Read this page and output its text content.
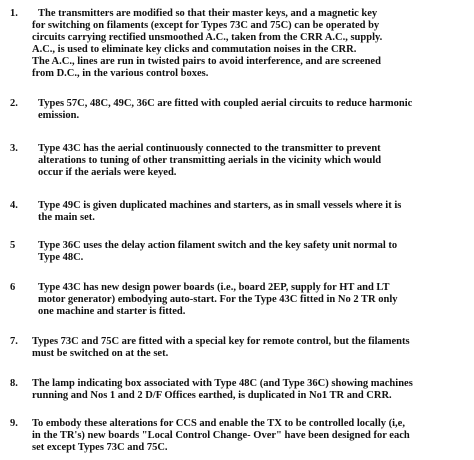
1. The transmitters are modified so that their master keys, and a magnetic key
for switching on filaments (except for Types 73C and 75C) can be operated by
circuits carrying rectified unsmoothed A.C., taken from the CRR A.C., supply.
A.C., is used to eliminate key clicks and commutation noises in the CRR.
The A.C., lines are run in twisted pairs to avoid interference, and are screened
from D.C., in the various control boxes.
2. Types 57C, 48C, 49C, 36C are fitted with coupled aerial circuits to reduce harmonic
emission.
3. Type 43C has the aerial continuously connected to the transmitter to prevent
alterations to tuning of other transmitting aerials in the vicinity which would
occur if the aerials were keyed.
4. Type 49C is given duplicated machines and starters, as in small vessels where it is
the main set.
5 Type 36C uses the delay action filament switch and the key safety unit normal to
Type 48C.
6 Type 43C has new design power boards (i.e., board 2EP, supply for HT and LT
motor generator) embodying auto-start. For the Type 43C fitted in No 2 TR only
one machine and starter is fitted.
7. Types 73C and 75C are fitted with a special key for remote control, but the filaments
must be switched on at the set.
8. The lamp indicating box associated with Type 48C (and Type 36C) showing machines
running and Nos 1 and 2 D/F Offices earthed, is duplicated in No1 TR and CRR.
9. To embody these alterations for CCS and enable the TX to be controlled locally (i,e,
in the TR's) new boards "Local Control Change- Over" have been designed for each
set except Types 73C and 75C.
